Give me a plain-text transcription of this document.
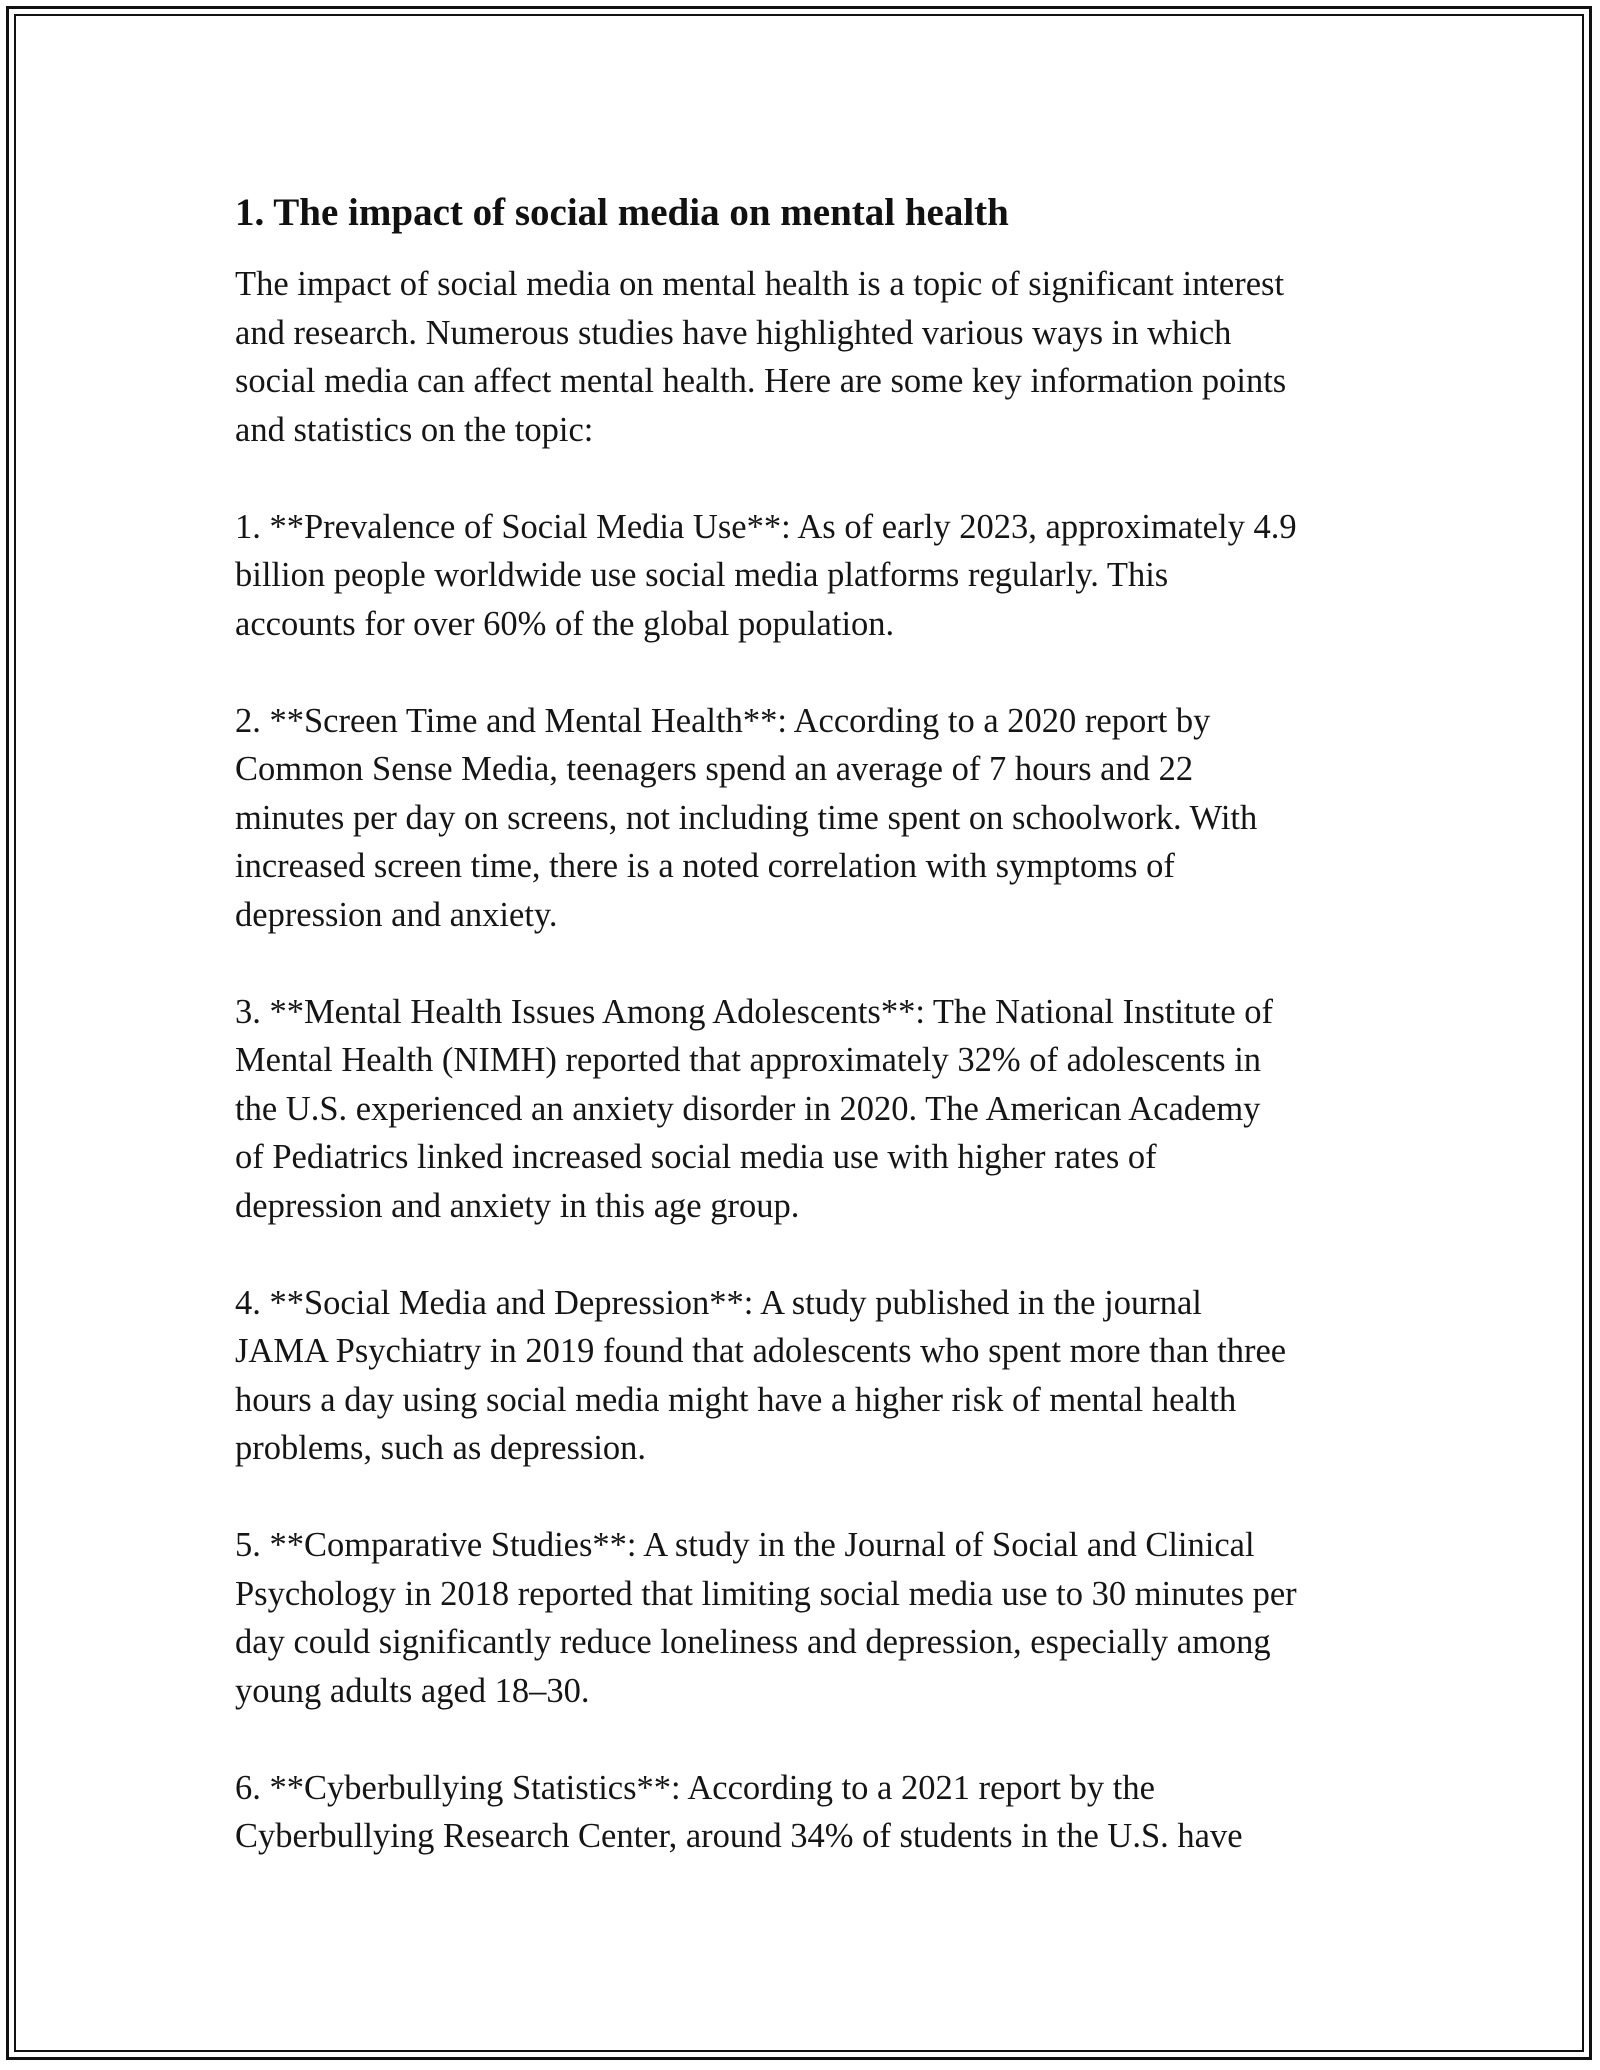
1. The impact of social media on mental health
The impact of social media on mental health is a topic of significant interest
and research. Numerous studies have highlighted various ways in which
social media can affect mental health. Here are some key information points
and statistics on the topic:
1. **Prevalence of Social Media Use**: As of early 2023, approximately 4.9
billion people worldwide use social media platforms regularly. This
accounts for over 60% of the global population.
2. **Screen Time and Mental Health**: According to a 2020 report by
Common Sense Media, teenagers spend an average of 7 hours and 22
minutes per day on screens, not including time spent on schoolwork. With
increased screen time, there is a noted correlation with symptoms of
depression and anxiety.
3. **Mental Health Issues Among Adolescents**: The National Institute of
Mental Health (NIMH) reported that approximately 32% of adolescents in
the U.S. experienced an anxiety disorder in 2020. The American Academy
of Pediatrics linked increased social media use with higher rates of
depression and anxiety in this age group.
4. **Social Media and Depression**: A study published in the journal
JAMA Psychiatry in 2019 found that adolescents who spent more than three
hours a day using social media might have a higher risk of mental health
problems, such as depression.
5. **Comparative Studies**: A study in the Journal of Social and Clinical
Psychology in 2018 reported that limiting social media use to 30 minutes per
day could significantly reduce loneliness and depression, especially among
young adults aged 18–30.
6. **Cyberbullying Statistics**: According to a 2021 report by the
Cyberbullying Research Center, around 34% of students in the U.S. have
